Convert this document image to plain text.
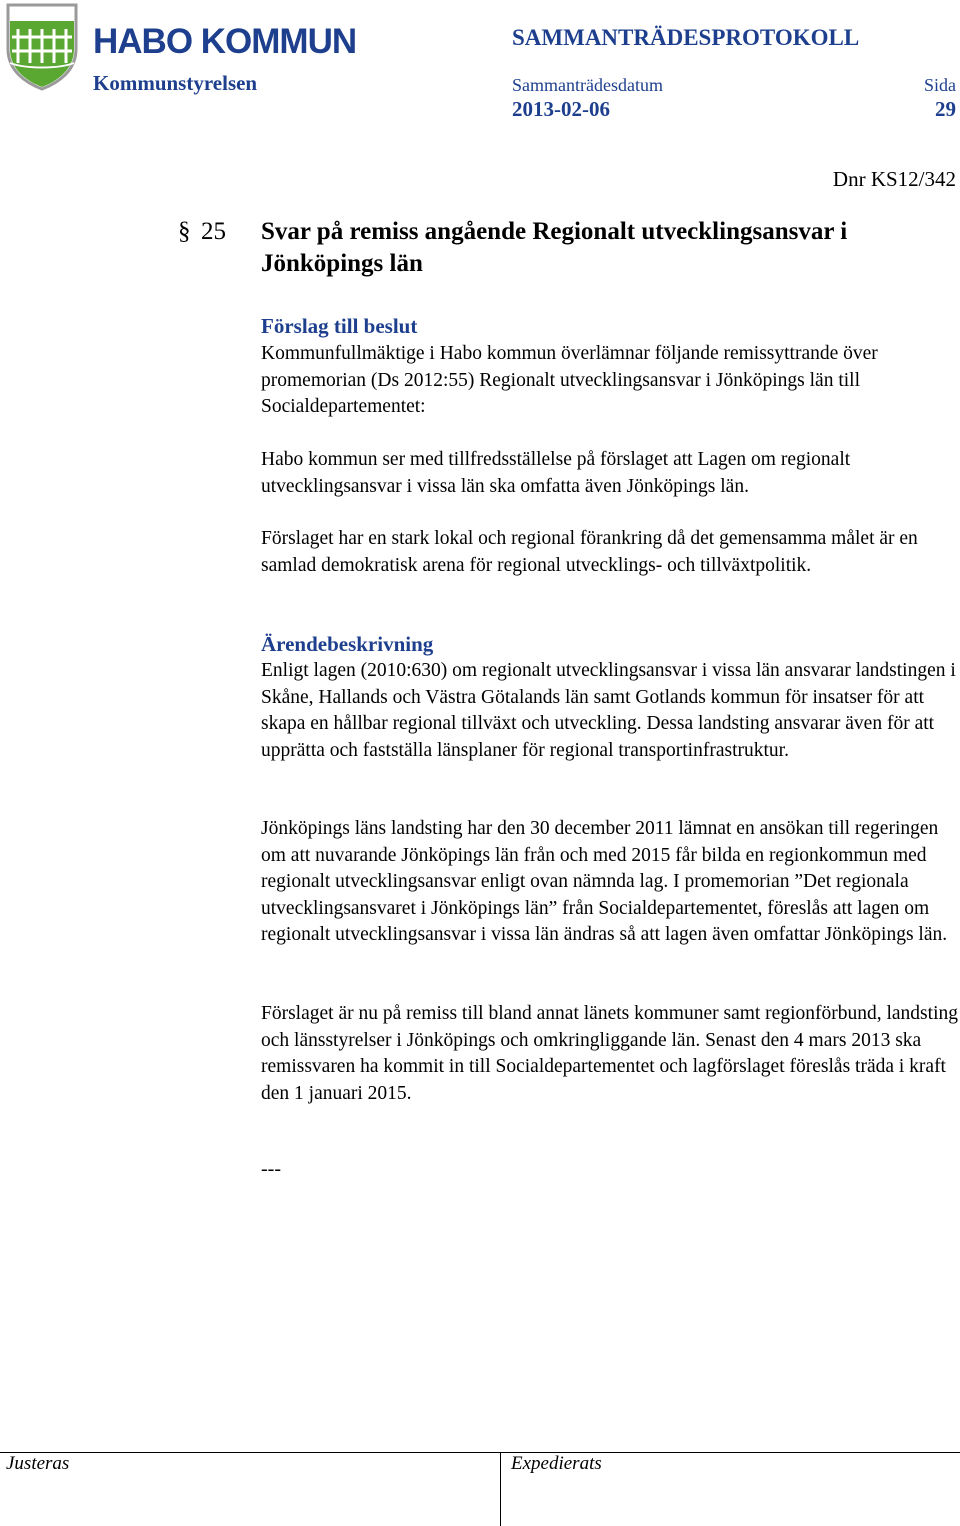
HABO KOMMUN
Kommunstyrelsen
SAMMANTRÄDESPROTOKOLL
Sammanträdesdatum
2013-02-06
Sida
29
Dnr KS12/342
§ 25 Svar på remiss angående Regionalt utvecklingsansvar i Jönköpings län
Förslag till beslut
Kommunfullmäktige i Habo kommun överlämnar följande remissyttrande över promemorian (Ds 2012:55) Regionalt utvecklingsansvar i Jönköpings län till Socialdepartementet:
Habo kommun ser med tillfredsställelse på förslaget att Lagen om regionalt utvecklingsansvar i vissa län ska omfatta även Jönköpings län.
Förslaget har en stark lokal och regional förankring då det gemensamma målet är en samlad demokratisk arena för regional utvecklings- och tillväxtpolitik.
Ärendebeskrivning
Enligt lagen (2010:630) om regionalt utvecklingsansvar i vissa län ansvarar landstingen i Skåne, Hallands och Västra Götalands län samt Gotlands kommun för insatser för att skapa en hållbar regional tillväxt och utveckling. Dessa landsting ansvarar även för att upprätta och fastställa länsplaner för regional transportinfrastruktur.
Jönköpings läns landsting har den 30 december 2011 lämnat en ansökan till regeringen om att nuvarande Jönköpings län från och med 2015 får bilda en regionkommun med regionalt utvecklingsansvar enligt ovan nämnda lag. I promemorian ”Det regionala utvecklingsansvaret i Jönköpings län” från Socialdepartementet, föreslås att lagen om regionalt utvecklingsansvar i vissa län ändras så att lagen även omfattar Jönköpings län.
Förslaget är nu på remiss till bland annat länets kommuner samt regionförbund, landsting och länsstyrelser i Jönköpings och omkringliggande län. Senast den 4 mars 2013 ska remissvaren ha kommit in till Socialdepartementet och lagförslaget föreslås träda i kraft den 1 januari 2015.
---
Justeras	Expedierats
